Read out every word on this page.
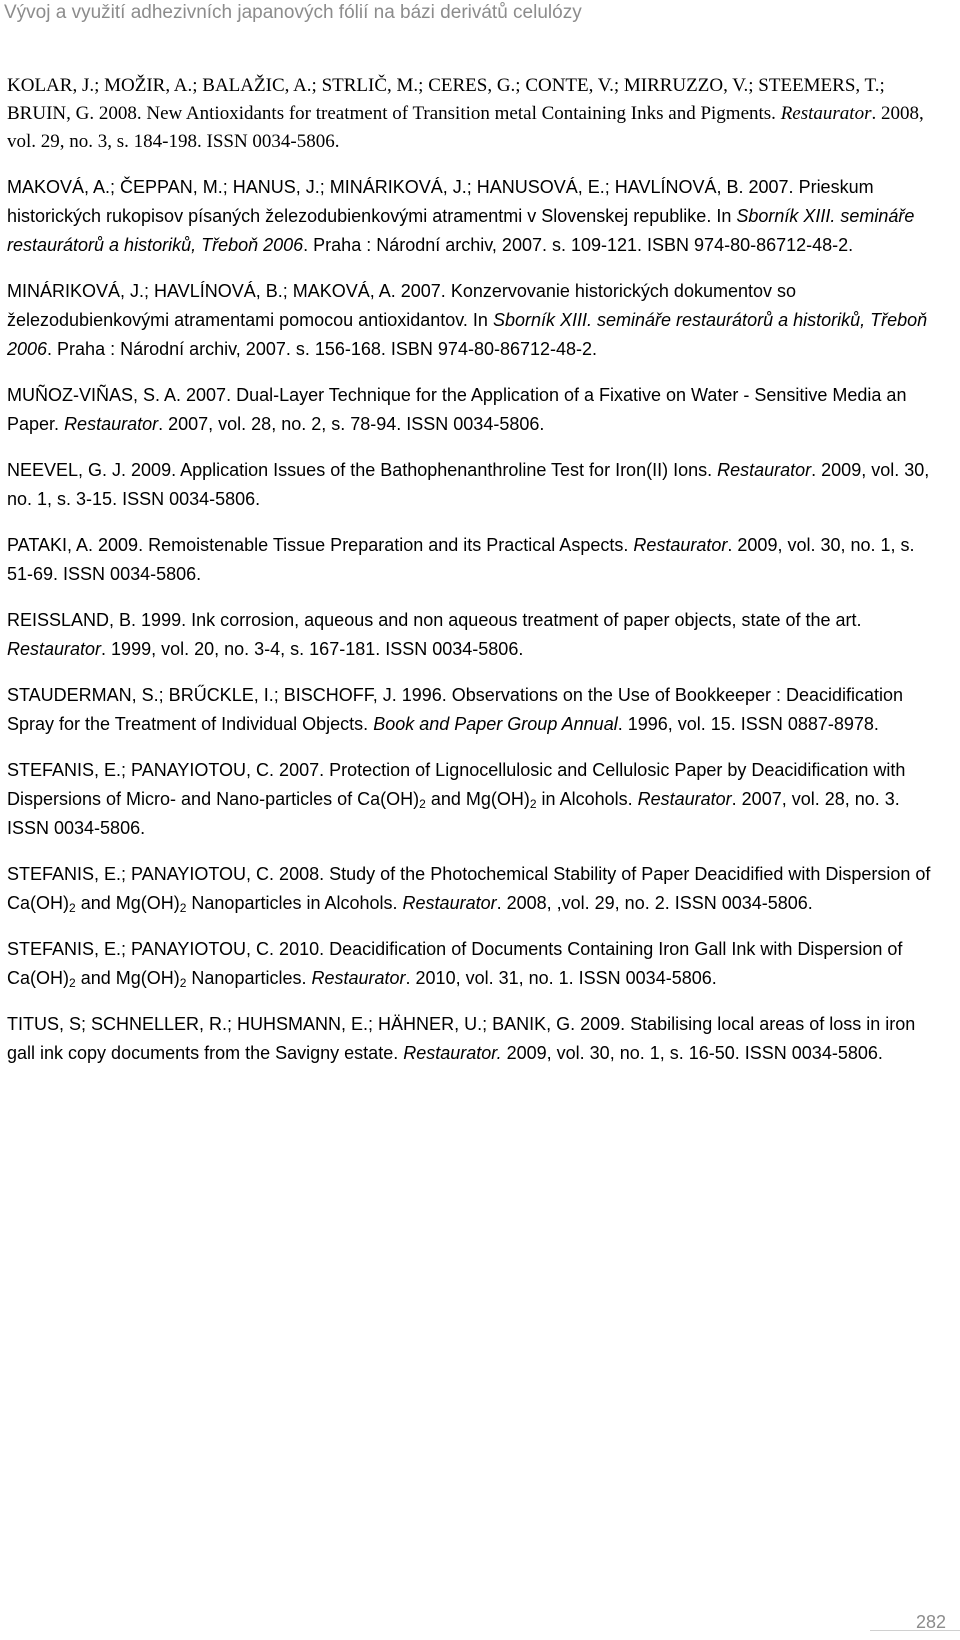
Vývoj a využití adhezivních japanových fólií na bázi derivátů celulózy

KOLAR, J.; MOŽIR, A.; BALAŽIC, A.; STRLIČ, M.; CERES, G.; CONTE, V.; MIRRUZZO, V.; STEEMERS, T.; BRUIN, G. 2008. New Antioxidants for treatment of Transition metal Containing Inks and Pigments. Restaurator. 2008, vol. 29, no. 3, s. 184-198. ISSN 0034-5806.

MAKOVÁ, A.; ČEPPAN, M.; HANUS, J.; MINÁRIKOVÁ, J.; HANUSOVÁ, E.; HAVLÍNOVÁ, B. 2007. Prieskum historických rukopisov písaných železodubienkovými atramentmi v Slovenskej republike. In Sborník XIII. semináře restaurátorů a historiků, Třeboň 2006. Praha : Národní archiv, 2007. s. 109-121. ISBN 974-80-86712-48-2.

MINÁRIKOVÁ, J.; HAVLÍNOVÁ, B.; MAKOVÁ, A. 2007. Konzervovanie historických dokumentov so železodubienkovými atramentami pomocou antioxidantov. In Sborník XIII. semináře restaurátorů a historiků, Třeboň 2006. Praha : Národní archiv, 2007. s. 156-168. ISBN 974-80-86712-48-2.

MUÑOZ-VIÑAS, S. A. 2007. Dual-Layer Technique for the Application of a Fixative on Water - Sensitive Media an Paper. Restaurator. 2007, vol. 28, no. 2, s. 78-94. ISSN 0034-5806.

NEEVEL, G. J. 2009. Application Issues of the Bathophenanthroline Test for Iron(II) Ions. Restaurator. 2009, vol. 30, no. 1, s. 3-15. ISSN 0034-5806.

PATAKI, A. 2009. Remoistenable Tissue Preparation and its Practical Aspects. Restaurator. 2009, vol. 30, no. 1, s. 51-69. ISSN 0034-5806.

REISSLAND, B. 1999. Ink corrosion, aqueous and non aqueous treatment of paper objects, state of the art. Restaurator. 1999, vol. 20, no. 3-4, s. 167-181. ISSN 0034-5806.

STAUDERMAN, S.; BRŰCKLE, I.; BISCHOFF, J. 1996. Observations on the Use of Bookkeeper : Deacidification Spray for the Treatment of Individual Objects. Book and Paper Group Annual. 1996, vol. 15. ISSN 0887-8978.

STEFANIS, E.; PANAYIOTOU, C. 2007. Protection of Lignocellulosic and Cellulosic Paper by Deacidification with Dispersions of Micro- and Nano-particles of $Ca(OH)_2$ and $Mg(OH)_2$ in Alcohols. Restaurator. 2007, vol. 28, no. 3. ISSN 0034-5806.

STEFANIS, E.; PANAYIOTOU, C. 2008. Study of the Photochemical Stability of Paper Deacidified with Dispersion of $Ca(OH)_2$ and $Mg(OH)_2$ Nanoparticles in Alcohols. Restaurator. 2008, ,vol. 29, no. 2. ISSN 0034-5806.

STEFANIS, E.; PANAYIOTOU, C. 2010. Deacidification of Documents Containing Iron Gall Ink with Dispersion of $Ca(OH)_2$ and $Mg(OH)_2$ Nanoparticles. Restaurator. 2010, vol. 31, no. 1. ISSN 0034-5806.

TITUS, S; SCHNELLER, R.; HUHSMANN, E.; HÄHNER, U.; BANIK, G. 2009. Stabilising local areas of loss in iron gall ink copy documents from the Savigny estate. Restaurator. 2009, vol. 30, no. 1, s. 16-50. ISSN 0034-5806.

282
